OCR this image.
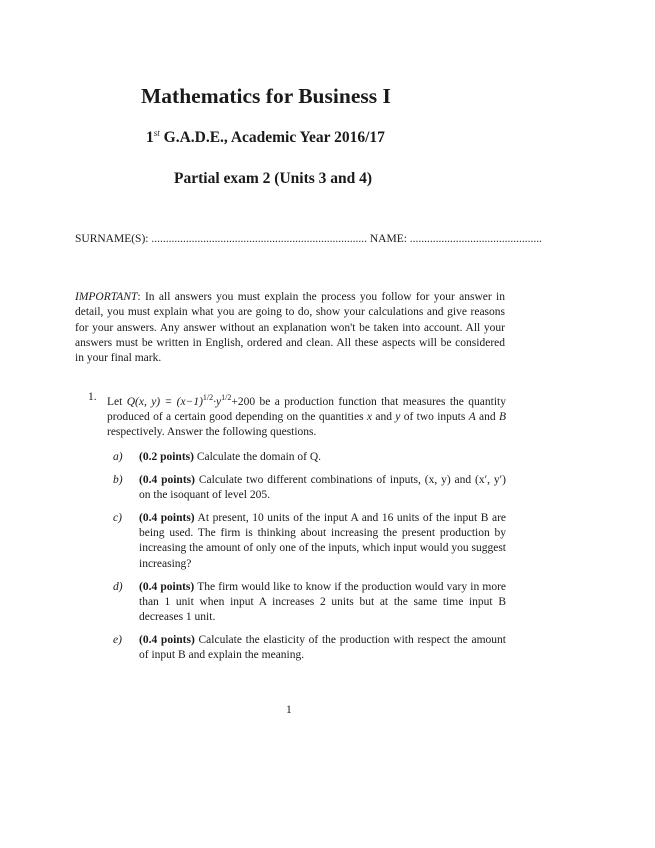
Mathematics for Business I
1st G.A.D.E., Academic Year 2016/17
Partial exam 2 (Units 3 and 4)
SURNAME(S): ........................................................................... NAME: ..............................................
IMPORTANT: In all answers you must explain the process you follow for your answer in detail, you must explain what you are going to do, show your calculations and give reasons for your answers. Any answer without an explanation won't be taken into account. All your answers must be written in English, ordered and clean. All these aspects will be considered in your final mark.
1. Let Q(x, $y) = (x-1)^{1/2}\cdot y^{1/2}+200$ be a production function that measures the quantity produced of a certain good depending on the quantities x and y of two inputs A and B respectively. Answer the following questions.
a) (0.2 points) Calculate the domain of Q.
b) (0.4 points) Calculate two different combinations of inputs, (x, y) and (x′, y′) on the isoquant of level 205.
c) (0.4 points) At present, 10 units of the input A and 16 units of the input B are being used. The firm is thinking about increasing the present production by increasing the amount of only one of the inputs, which input would you suggest increasing?
d) (0.4 points) The firm would like to know if the production would vary in more than 1 unit when input A increases 2 units but at the same time input B decreases 1 unit.
e) (0.4 points) Calculate the elasticity of the production with respect the amount of input B and explain the meaning.
1
